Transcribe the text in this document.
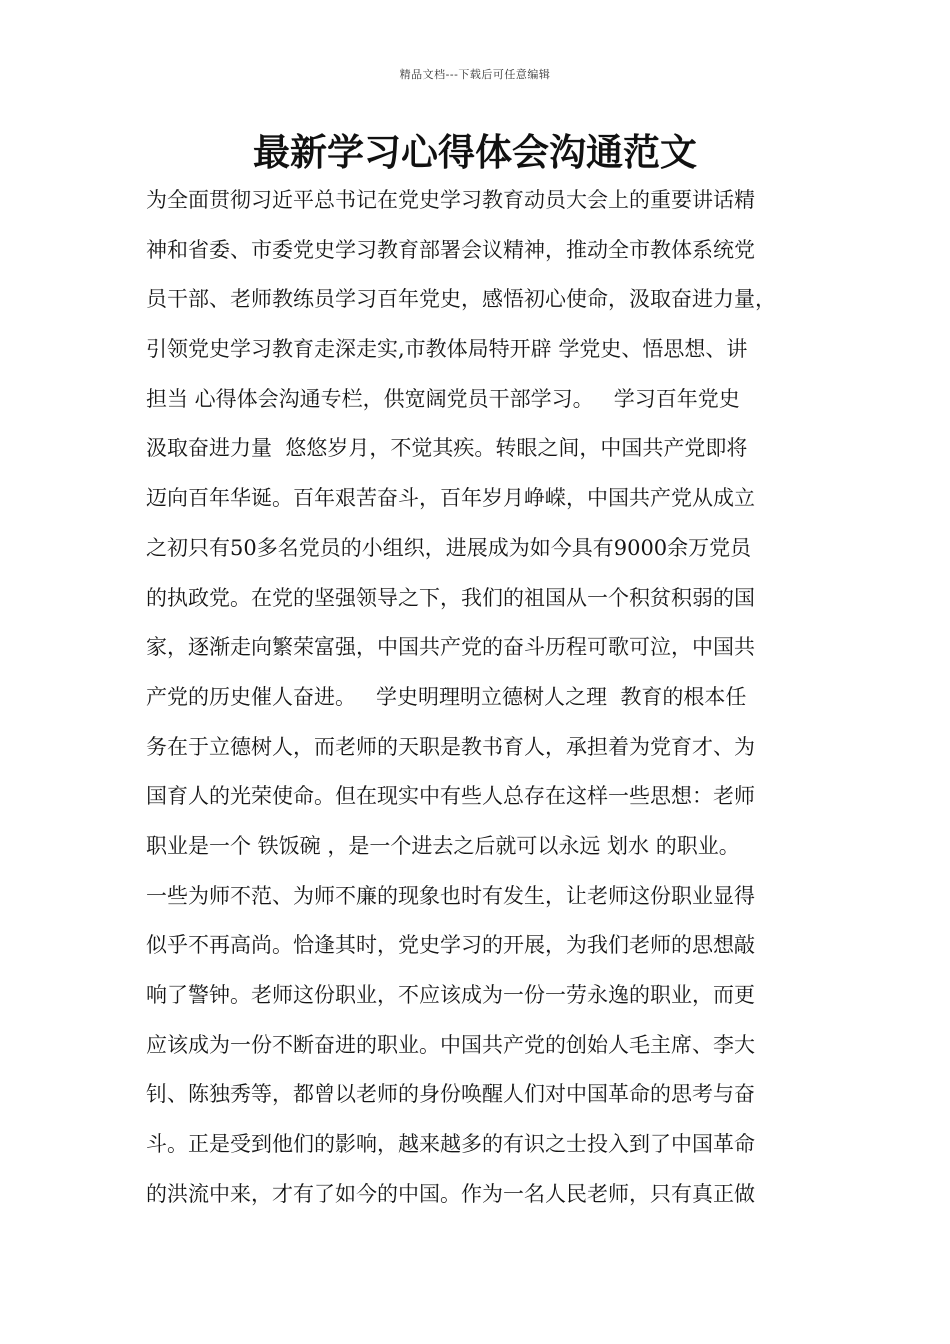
精品文档---下载后可任意编辑
最新学习心得体会沟通范文
为全面贯彻习近平总书记在党史学习教育动员大会上的重要讲话精
神和省委、市委党史学习教育部署会议精神，推动全市教体系统党
员干部、老师教练员学习百年党史，感悟初心使命，汲取奋进力量，
引领党史学习教育走深走实,市教体局特开辟 学党史、悟思想、讲
担当 心得体会沟通专栏，供宽阔党员干部学习。   学习百年党史
汲取奋进力量  悠悠岁月，不觉其疾。转眼之间，中国共产党即将
迈向百年华诞。百年艰苦奋斗，百年岁月峥嵘，中国共产党从成立
之初只有50多名党员的小组织，进展成为如今具有9000余万党员
的执政党。在党的坚强领导之下，我们的祖国从一个积贫积弱的国
家，逐渐走向繁荣富强，中国共产党的奋斗历程可歌可泣，中国共
产党的历史催人奋进。   学史明理明立德树人之理  教育的根本任
务在于立德树人，而老师的天职是教书育人，承担着为党育才、为
国育人的光荣使命。但在现实中有些人总存在这样一些思想：老师
职业是一个 铁饭碗 ，是一个进去之后就可以永远 划水 的职业。
一些为师不范、为师不廉的现象也时有发生，让老师这份职业显得
似乎不再高尚。恰逢其时，党史学习的开展，为我们老师的思想敲
响了警钟。老师这份职业，不应该成为一份一劳永逸的职业，而更
应该成为一份不断奋进的职业。中国共产党的创始人毛主席、李大
钊、陈独秀等，都曾以老师的身份唤醒人们对中国革命的思考与奋
斗。正是受到他们的影响，越来越多的有识之士投入到了中国革命
的洪流中来，才有了如今的中国。作为一名人民老师，只有真正做
